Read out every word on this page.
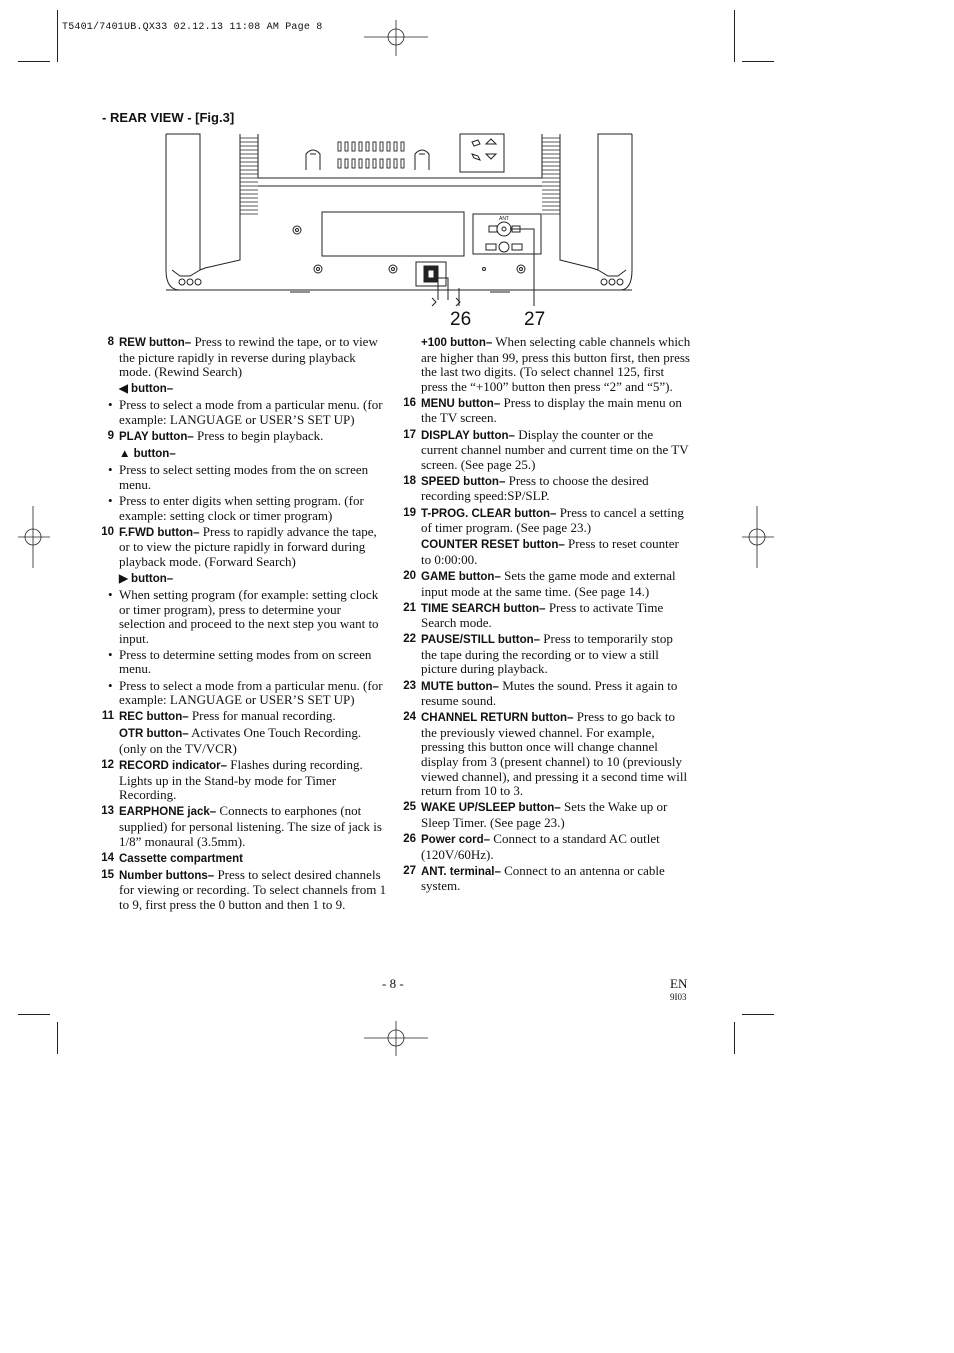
T5401/7401UB.QX33 02.12.13 11:08 AM Page 8
- REAR VIEW - [Fig.3]
ANT
26	27
8 REW button– Press to rewind the tape, or to view the picture rapidly in reverse during playback mode. (Rewind Search)
◀ button–
• Press to select a mode from a particular menu. (for example: LANGUAGE or USER’S SET UP)
9 PLAY button– Press to begin playback.
▲ button–
• Press to select setting modes from the on screen menu.
• Press to enter digits when setting program. (for example: setting clock or timer program)
10 F.FWD button– Press to rapidly advance the tape, or to view the picture rapidly in forward during playback mode. (Forward Search)
▶ button–
• When setting program (for example: setting clock or timer program), press to determine your selection and proceed to the next step you want to input.
• Press to determine setting modes from on screen menu.
• Press to select a mode from a particular menu. (for example: LANGUAGE or USER’S SET UP)
11 REC button– Press for manual recording.
OTR button– Activates One Touch Recording. (only on the TV/VCR)
12 RECORD indicator– Flashes during recording. Lights up in the Stand-by mode for Timer Recording.
13 EARPHONE jack– Connects to earphones (not supplied) for personal listening. The size of jack is 1/8” monaural (3.5mm).
14 Cassette compartment
15 Number buttons– Press to select desired channels for viewing or recording. To select channels from 1 to 9, first press the 0 button and then 1 to 9.
+100 button– When selecting cable channels which are higher than 99, press this button first, then press the last two digits. (To select channel 125, first press the “+100” button then press “2” and “5”).
16 MENU button– Press to display the main menu on the TV screen.
17 DISPLAY button– Display the counter or the current channel number and current time on the TV screen. (See page 25.)
18 SPEED button– Press to choose the desired recording speed:SP/SLP.
19 T-PROG. CLEAR button– Press to cancel a setting of timer program. (See page 23.)
COUNTER RESET button– Press to reset counter to 0:00:00.
20 GAME button– Sets the game mode and external input mode at the same time. (See page 14.)
21 TIME SEARCH button– Press to activate Time Search mode.
22 PAUSE/STILL button– Press to temporarily stop the tape during the recording or to view a still picture during playback.
23 MUTE button– Mutes the sound. Press it again to resume sound.
24 CHANNEL RETURN button– Press to go back to the previously viewed channel. For example, pressing this button once will change channel display from 3 (present channel) to 10 (previously viewed channel), and pressing it a second time will return from 10 to 3.
25 WAKE UP/SLEEP button– Sets the Wake up or Sleep Timer. (See page 23.)
26 Power cord– Connect to a standard AC outlet (120V/60Hz).
27 ANT. terminal– Connect to an antenna or cable system.
- 8 -	EN
9I03
